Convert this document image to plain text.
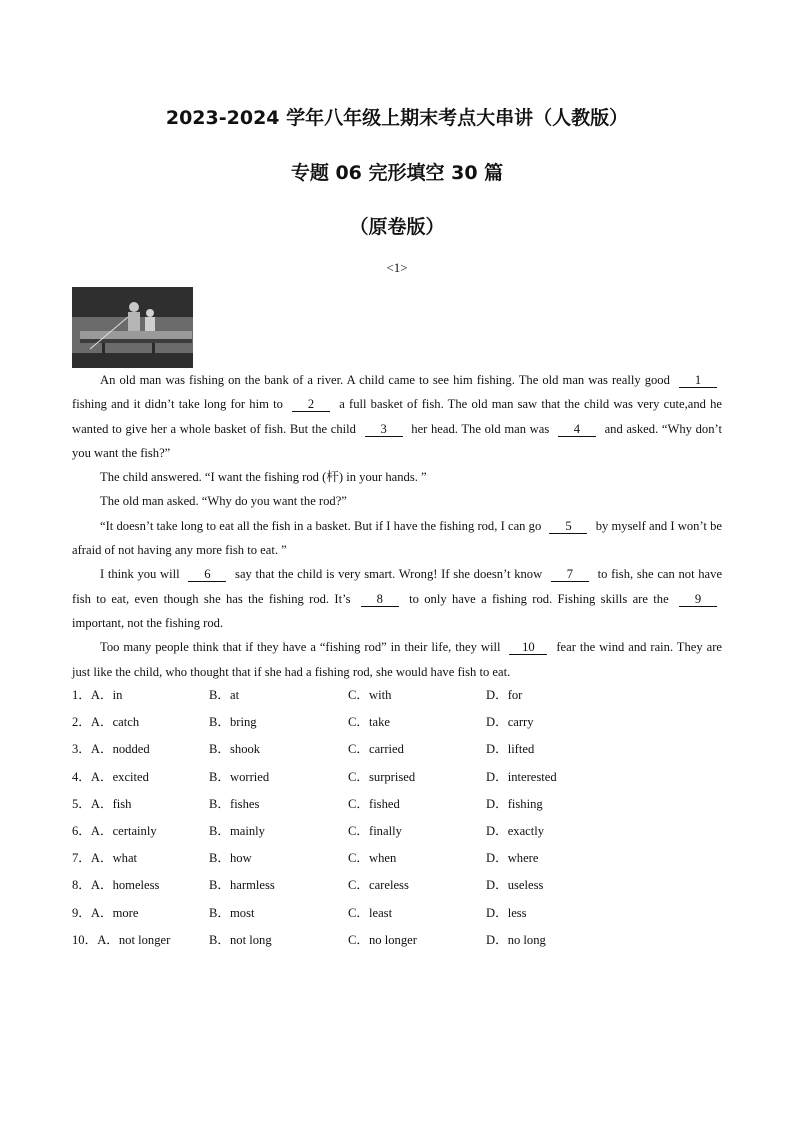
2023-2024 学年八年级上期末考点大串讲（人教版）
专题 06 完形填空 30 篇
（原卷版）
<1>

An old man was fishing on the bank of a river. A child came to see him fishing. The old man was really good 1 fishing and it didn’t take long for him to 2 a full basket of fish. The old man saw that the child was very cute,and he wanted to give her a whole basket of fish. But the child 3 her head. The old man was 4 and asked. “Why don’t you want the fish?”

The child answered. “I want the fishing rod (杆) in your hands. ”

The old man asked. “Why do you want the rod?”

“It doesn’t take long to eat all the fish in a basket. But if I have the fishing rod, I can go 5 by myself and I won’t be afraid of not having any more fish to eat. ”

I think you will 6 say that the child is very smart. Wrong! If she doesn’t know 7 to fish, she can not have fish to eat, even though she has the fishing rod. It’s 8 to only have a fishing rod. Fishing skills are the 9 important, not the fishing rod.

Too many people think that if they have a “fishing rod” in their life, they will 10 fear the wind and rain. They are just like the child, who thought that if she had a fishing rod, she would have fish to eat.

1．A．in	B．at	C．with	D．for
2．A．catch	B．bring	C．take	D．carry
3．A．nodded	B．shook	C．carried	D．lifted
4．A．excited	B．worried	C．surprised	D．interested
5．A．fish	B．fishes	C．fished	D．fishing
6．A．certainly	B．mainly	C．finally	D．exactly
7．A．what	B．how	C．when	D．where
8．A．homeless	B．harmless	C．careless	D．useless
9．A．more	B．most	C．least	D．less
10．A．not longer	B．not long	C．no longer	D．no long
